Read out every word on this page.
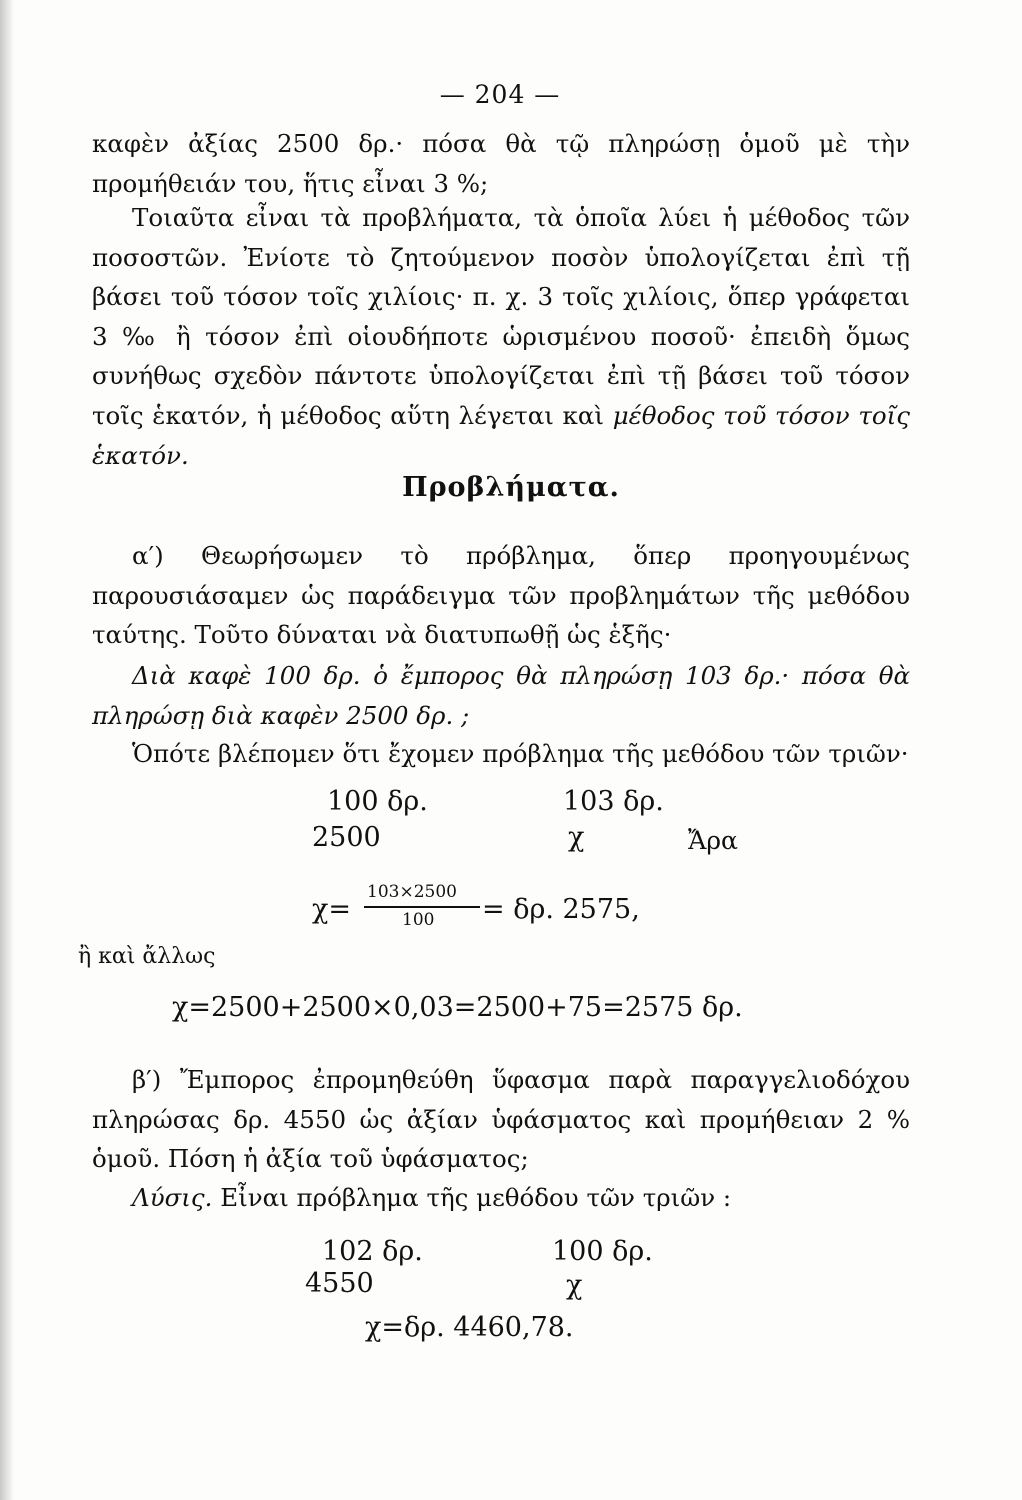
— 204 —

καφὲν ἀξίας 2500 δρ.· πόσα θὰ τῷ πληρώσῃ ὁμοῦ μὲ τὴν προμήθειάν του, ἥτις εἶναι 3 %;

Τοιαῦτα εἶναι τὰ προβλήματα, τὰ ὁποῖα λύει ἡ μέθοδος τῶν ποσοστῶν. Ἐνίοτε τὸ ζητούμενον ποσὸν ὑπολογίζεται ἐπὶ τῇ βάσει τοῦ τόσον τοῖς χιλίοις· π. χ. 3 τοῖς χιλίοις, ὅπερ γράφεται 3 ‰ ἢ τόσον ἐπὶ οἱουδήποτε ὡρισμένου ποσοῦ· ἐπειδὴ ὅμως συνήθως σχεδὸν πάντοτε ὑπολογίζεται ἐπὶ τῇ βάσει τοῦ τόσον τοῖς ἑκατόν, ἡ μέθοδος αὕτη λέγεται καὶ μέθοδος τοῦ τόσον τοῖς ἑκατόν.

Προβλήματα.

α′) Θεωρήσωμεν τὸ πρόβλημα, ὅπερ προηγουμένως παρουσιάσαμεν ὡς παράδειγμα τῶν προβλημάτων τῆς μεθόδου ταύτης. Τοῦτο δύναται νὰ διατυπωθῇ ὡς ἑξῆς·

Διὰ καφὲ 100 δρ. ὁ ἔμπορος θὰ πληρώσῃ 103 δρ.· πόσα θὰ πληρώσῃ διὰ καφὲν 2500 δρ. ;

Ὁπότε βλέπομεν ὅτι ἔχομεν πρόβλημα τῆς μεθόδου τῶν τριῶν·

100 δρ.	103 δρ.
2500	χ	Ἄρα
χ=
103×2500
100 = δρ. 2575,
ἢ καὶ ἄλλως
χ=2500+2500×0,03=2500+75=2575 δρ.

β′) Ἔμπορος ἐπρομηθεύθη ὕφασμα παρὰ παραγγελιοδόχου πληρώσας δρ. 4550 ὡς ἀξίαν ὑφάσματος καὶ προμήθειαν 2 % ὁμοῦ. Πόση ἡ ἀξία τοῦ ὑφάσματος;

Λύσις. Εἶναι πρόβλημα τῆς μεθόδου τῶν τριῶν :

102 δρ.	100 δρ.
4550	χ
χ=δρ. 4460,78.
